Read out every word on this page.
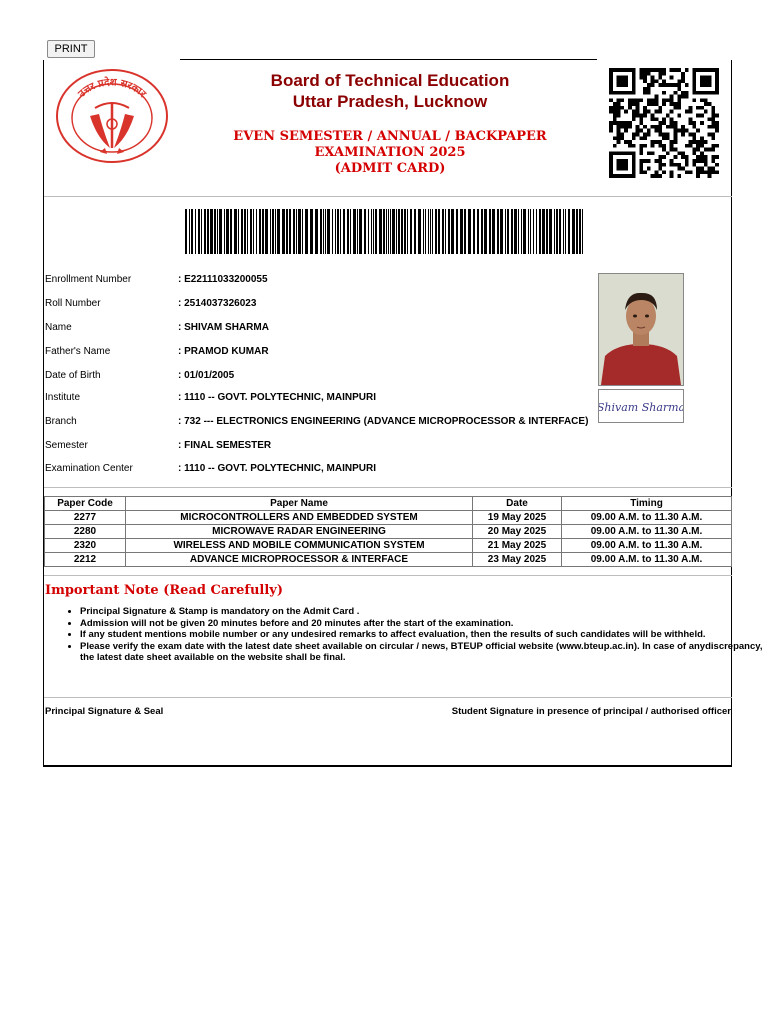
PRINT
उत्तर प्रदेश सरकार
Board of Technical Education
Uttar Pradesh, Lucknow
EVEN SEMESTER / ANNUAL / BACKPAPER
EXAMINATION 2025
(ADMIT CARD)
Enrollment Number	: E22111033200055
Roll Number	: 2514037326023
Name	: SHIVAM SHARMA
Father's Name	: PRAMOD KUMAR
Date of Birth	: 01/01/2005
Institute	: 1110 -- GOVT. POLYTECHNIC, MAINPURI
Branch	: 732 --- ELECTRONICS ENGINEERING (ADVANCE MICROPROCESSOR & INTERFACE)
Semester	: FINAL SEMESTER
Examination Center	: 1110 -- GOVT. POLYTECHNIC, MAINPURI
Shivam Sharma
Paper Code	Paper Name	Date	Timing
2277	MICROCONTROLLERS AND EMBEDDED SYSTEM	19 May 2025	09.00 A.M. to 11.30 A.M.
2280	MICROWAVE RADAR ENGINEERING	20 May 2025	09.00 A.M. to 11.30 A.M.
2320	WIRELESS AND MOBILE COMMUNICATION SYSTEM	21 May 2025	09.00 A.M. to 11.30 A.M.
2212	ADVANCE MICROPROCESSOR & INTERFACE	23 May 2025	09.00 A.M. to 11.30 A.M.
Important Note (Read Carefully)
• Principal Signature & Stamp is mandatory on the Admit Card .
• Admission will not be given 20 minutes before and 20 minutes after the start of the examination.
• If any student mentions mobile number or any undesired remarks to affect evaluation, then the results of such candidates will be withheld.
• Please verify the exam date with the latest date sheet available on circular / news, BTEUP official website (www.bteup.ac.in). In case of anydiscrepancy, the latest date sheet available on the website shall be final.
Principal Signature & Seal	Student Signature in presence of principal / authorised officer
